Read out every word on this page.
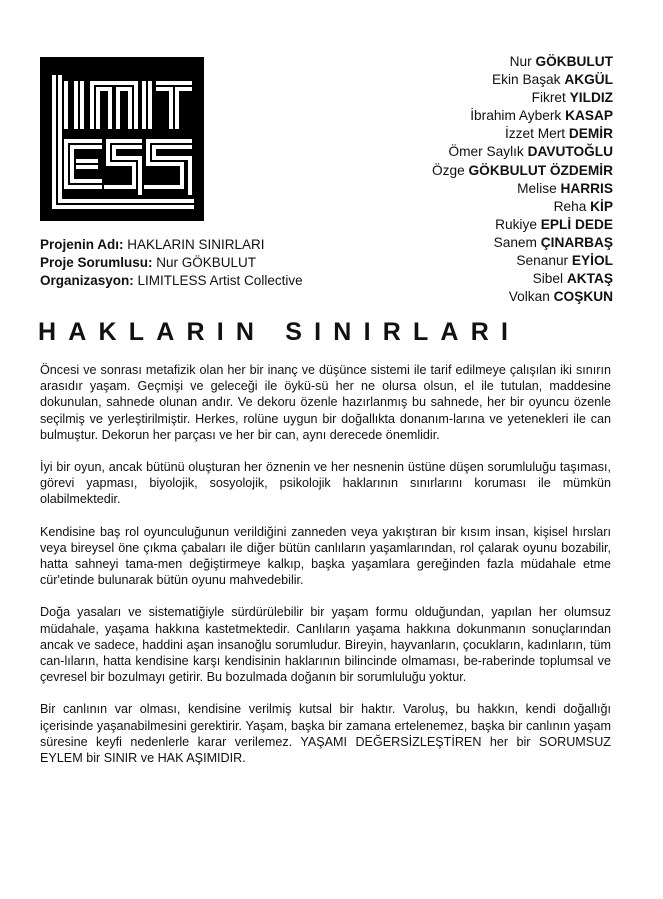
Projenin Adı: HAKLARIN SINIRLARI
Proje Sorumlusu: Nur GÖKBULUT
Organizasyon: LIMITLESS Artist Collective
Nur GÖKBULUT
Ekin Başak AKGÜL
Fikret YILDIZ
İbrahim Ayberk KASAP
İzzet Mert DEMİR
Ömer Saylık DAVUTOĞLU
Özge GÖKBULUT ÖZDEMİR
Melise HARRIS
Reha KİP
Rukiye EPLİ DEDE
Sanem ÇINARBAŞ
Senanur EYİOL
Sibel AKTAŞ
Volkan COŞKUN
HAKLARIN SINIRLARI

Öncesi ve sonrası metafizik olan her bir inanç ve düşünce sistemi ile tarif edilmeye çalışılan iki sınırın arasıdır yaşam. Geçmişi ve geleceği ile öykü-sü her ne olursa olsun, el ile tutulan, maddesine dokunulan, sahnede olunan andır. Ve dekoru özenle hazırlanmış bu sahnede, her bir oyuncu özenle seçilmiş ve yerleştirilmiştir. Herkes, rolüne uygun bir doğallıkta donanım-larına ve yetenekleri ile can bulmuştur. Dekorun her parçası ve her bir can, aynı derecede önemlidir.

İyi bir oyun, ancak bütünü oluşturan her öznenin ve her nesnenin üstüne düşen sorumluluğu taşıması, görevi yapması, biyolojik, sosyolojik, psikolojik haklarının sınırlarını koruması ile mümkün olabilmektedir.

Kendisine baş rol oyunculuğunun verildiğini zanneden veya yakıştıran bir kısım insan, kişisel hırsları veya bireysel öne çıkma çabaları ile diğer bütün canlıların yaşamlarından, rol çalarak oyunu bozabilir, hatta sahneyi tama-men değiştirmeye kalkıp, başka yaşamlara gereğinden fazla müdahale etme cür'etinde bulunarak bütün oyunu mahvedebilir.

Doğa yasaları ve sistematiğiyle sürdürülebilir bir yaşam formu olduğundan, yapılan her olumsuz müdahale, yaşama hakkına kastetmektedir. Canlıların yaşama hakkına dokunmanın sonuçlarından ancak ve sadece, haddini aşan insanoğlu sorumludur. Bireyin, hayvanların, çocukların, kadınların, tüm can-lıların, hatta kendisine karşı kendisinin haklarının bilincinde olmaması, be-raberinde toplumsal ve çevresel bir bozulmayı getirir. Bu bozulmada doğanın bir sorumluluğu yoktur.

Bir canlının var olması, kendisine verilmiş kutsal bir haktır. Varoluş, bu hakkın, kendi doğallığı içerisinde yaşanabilmesini gerektirir. Yaşam, başka bir zamana ertelenemez, başka bir canlının yaşam süresine keyfi nedenlerle karar verilemez. YAŞAMI DEĞERSİZLEŞTİREN her bir SORUMSUZ EYLEM bir SINIR ve HAK AŞIMIDIR.
